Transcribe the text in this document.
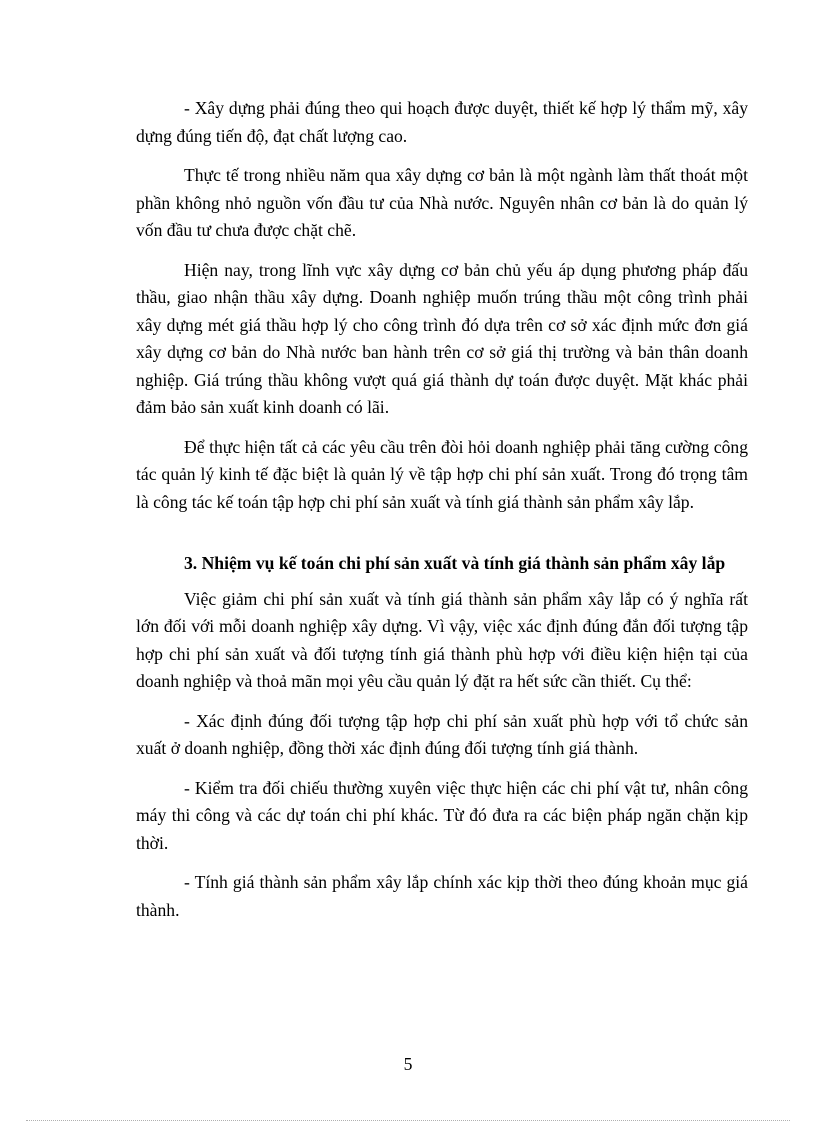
- Xây dựng phải đúng theo qui hoạch được duyệt, thiết kế hợp lý thẩm mỹ, xây dựng đúng tiến độ, đạt chất lượng cao.

Thực tế trong nhiều năm qua xây dựng cơ bản là một ngành làm thất thoát một phần không nhỏ nguồn vốn đầu tư của Nhà nước. Nguyên nhân cơ bản là do quản lý vốn đầu tư chưa được chặt chẽ.

Hiện nay, trong lĩnh vực xây dựng cơ bản chủ yếu áp dụng phương pháp đấu thầu, giao nhận thầu xây dựng. Doanh nghiệp muốn trúng thầu một công trình phải xây dựng mét giá thầu hợp lý cho công trình đó dựa trên cơ sở xác định mức đơn giá xây dựng cơ bản do Nhà nước ban hành trên cơ sở giá thị trường và bản thân doanh nghiệp. Giá trúng thầu không vượt quá giá thành dự toán được duyệt. Mặt khác phải đảm bảo sản xuất kinh doanh có lãi.

Để thực hiện tất cả các yêu cầu trên đòi hỏi doanh nghiệp phải tăng cường công tác quản lý kinh tế đặc biệt là quản lý về tập hợp chi phí sản xuất. Trong đó trọng tâm là công tác kế toán tập hợp chi phí sản xuất và tính giá thành sản phẩm xây lắp.

3. Nhiệm vụ kế toán chi phí sản xuất và tính giá thành sản phẩm xây lắp

Việc giảm chi phí sản xuất và tính giá thành sản phẩm xây lắp có ý nghĩa rất lớn đối với mỗi doanh nghiệp xây dựng. Vì vậy, việc xác định đúng đắn đối tượng tập hợp chi phí sản xuất và đối tượng tính giá thành phù hợp với điều kiện hiện tại của doanh nghiệp và thoả mãn mọi yêu cầu quản lý đặt ra hết sức cần thiết. Cụ thể:

- Xác định đúng đối tượng tập hợp chi phí sản xuất phù hợp với tổ chức sản xuất ở doanh nghiệp, đồng thời xác định đúng đối tượng tính giá thành.

- Kiểm tra đối chiếu thường xuyên việc thực hiện các chi phí vật tư, nhân công máy thi công và các dự toán chi phí khác. Từ đó đưa ra các biện pháp ngăn chặn kịp thời.

- Tính giá thành sản phẩm xây lắp chính xác kịp thời theo đúng khoản mục giá thành.

5
